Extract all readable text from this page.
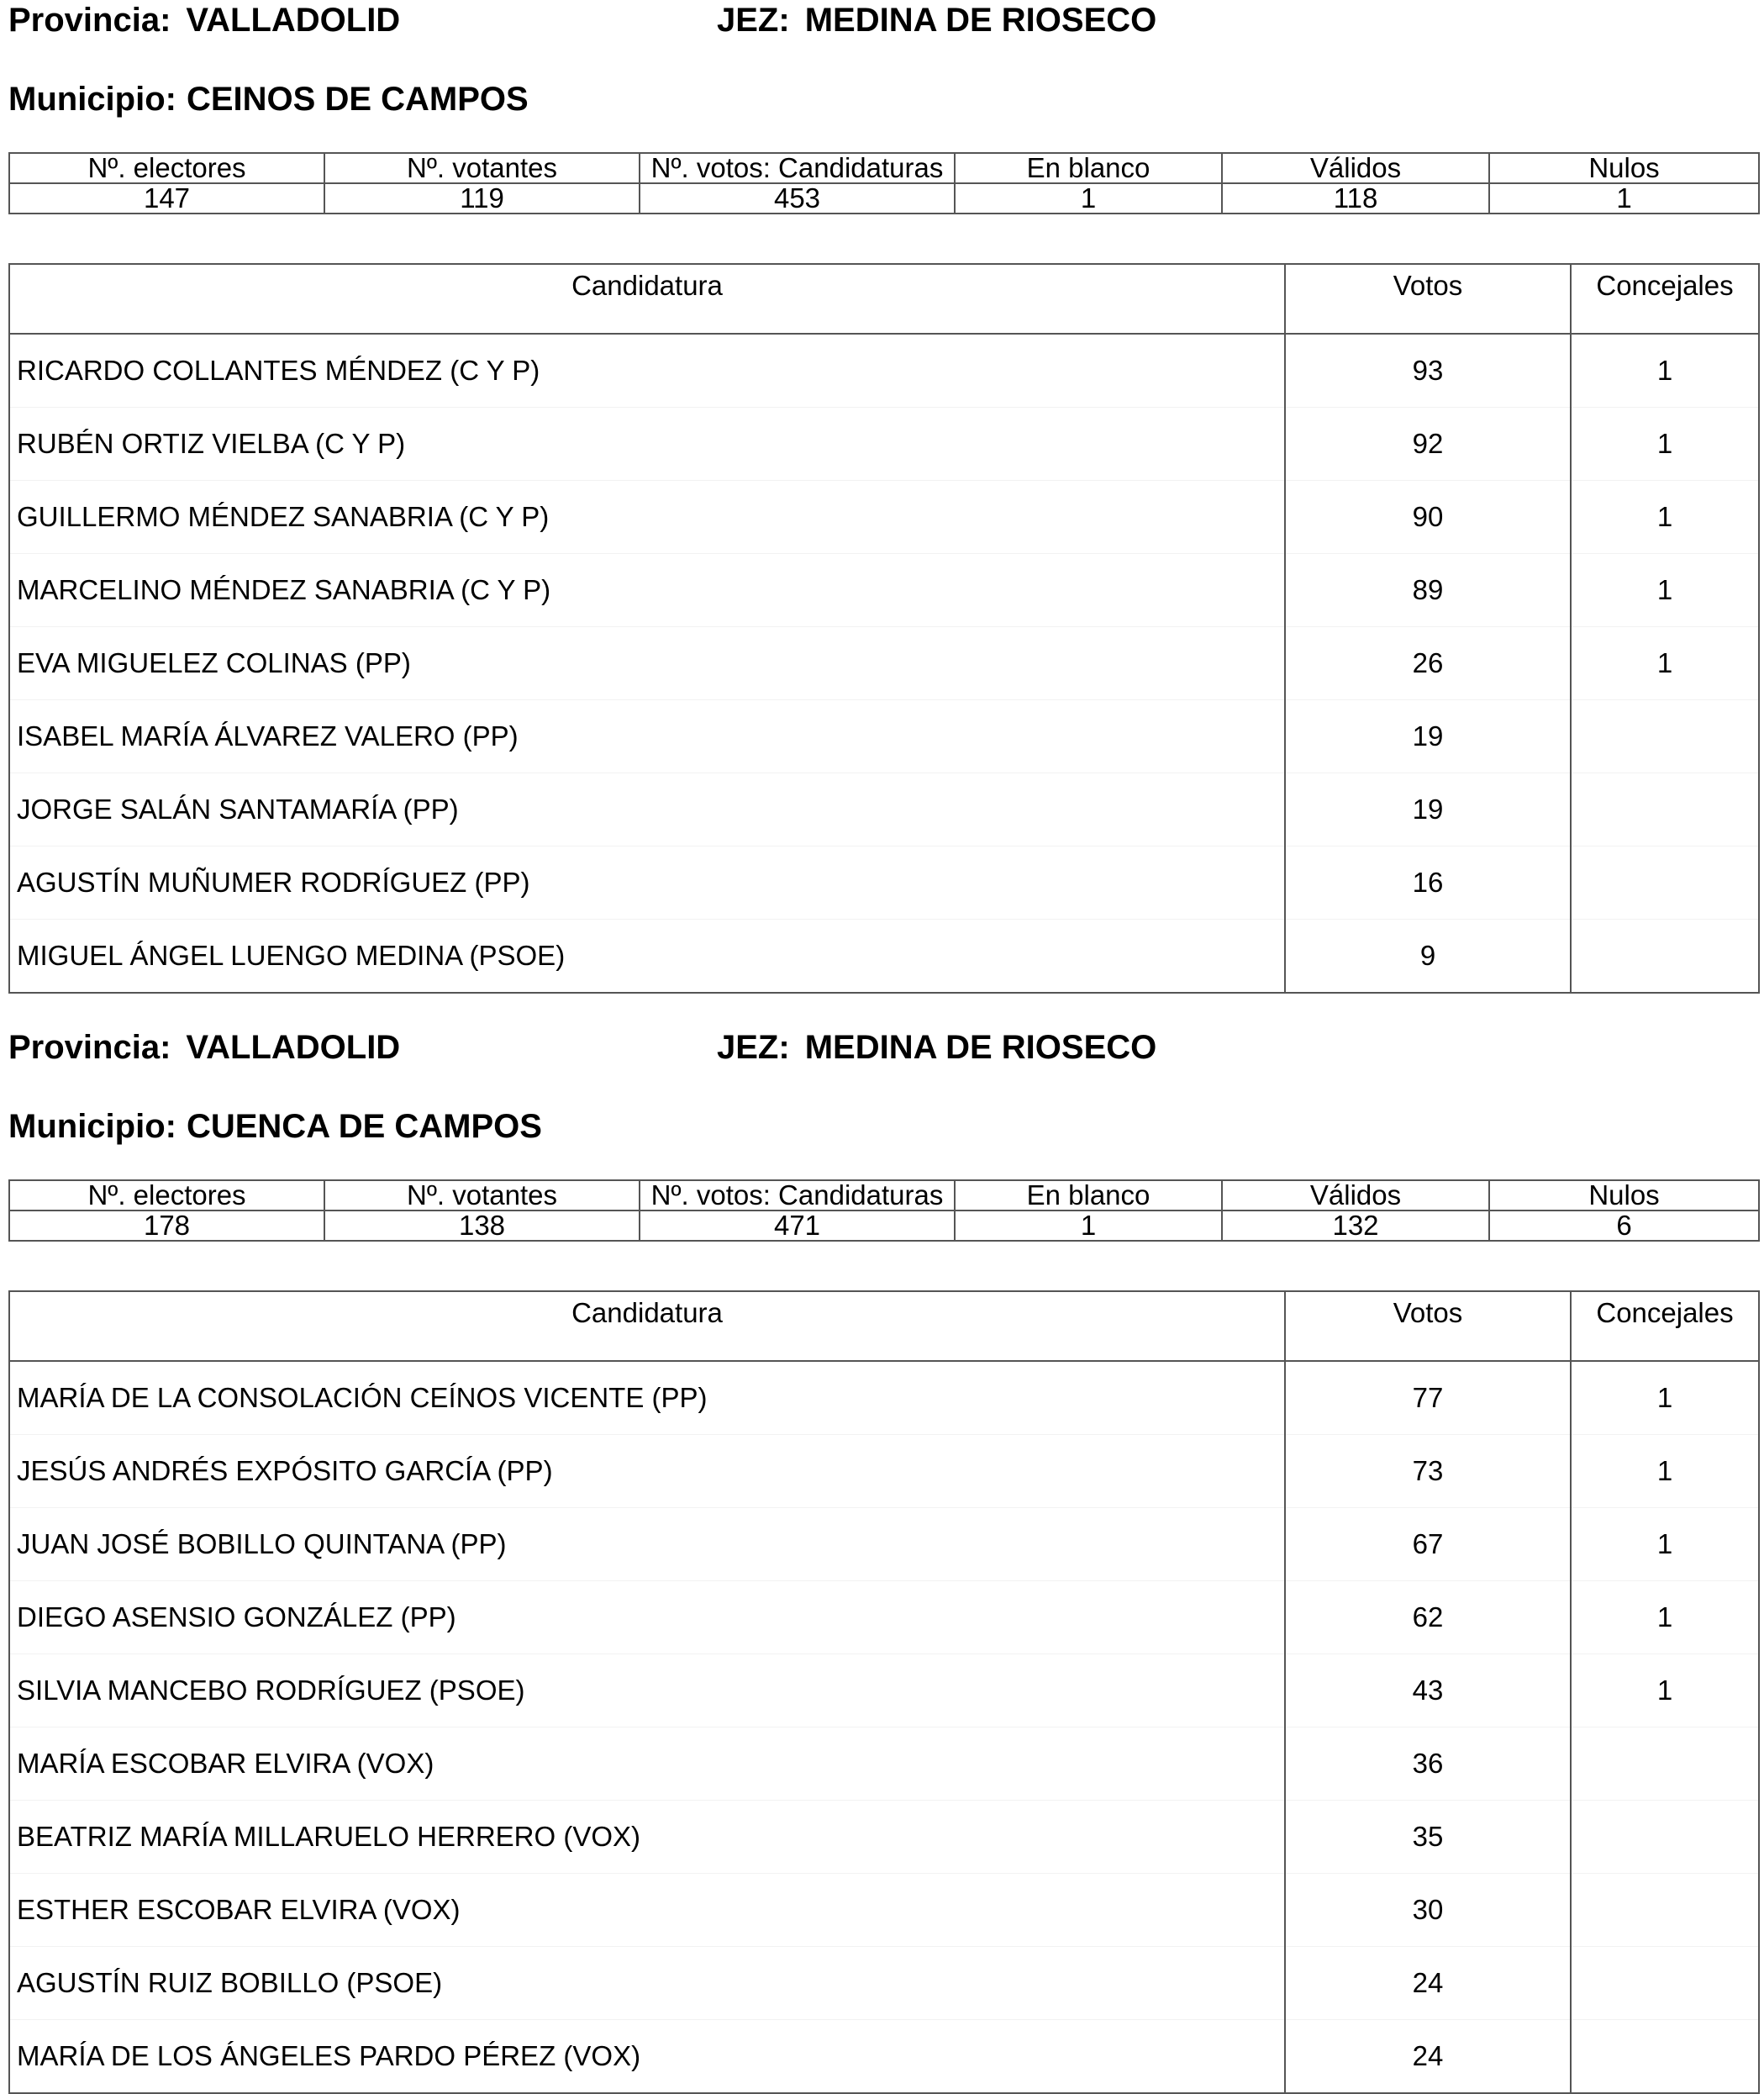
Provincia: VALLADOLID	JEZ: MEDINA DE RIOSECO
Municipio: CEINOS DE CAMPOS
Nº. electores	Nº. votantes	Nº. votos: Candidaturas	En blanco	Válidos	Nulos
147	119	453	1	118	1
Candidatura	Votos	Concejales
RICARDO COLLANTES MÉNDEZ (C Y P)	93	1
RUBÉN ORTIZ VIELBA (C Y P)	92	1
GUILLERMO MÉNDEZ SANABRIA (C Y P)	90	1
MARCELINO MÉNDEZ SANABRIA (C Y P)	89	1
EVA MIGUELEZ COLINAS (PP)	26	1
ISABEL MARÍA ÁLVAREZ VALERO (PP)	19	
JORGE SALÁN SANTAMARÍA (PP)	19	
AGUSTÍN MUÑUMER RODRÍGUEZ (PP)	16	
MIGUEL ÁNGEL LUENGO MEDINA (PSOE)	9	
Provincia: VALLADOLID	JEZ: MEDINA DE RIOSECO
Municipio: CUENCA DE CAMPOS
Nº. electores	Nº. votantes	Nº. votos: Candidaturas	En blanco	Válidos	Nulos
178	138	471	1	132	6
Candidatura	Votos	Concejales
MARÍA DE LA CONSOLACIÓN CEÍNOS VICENTE (PP)	77	1
JESÚS ANDRÉS EXPÓSITO GARCÍA (PP)	73	1
JUAN JOSÉ BOBILLO QUINTANA (PP)	67	1
DIEGO ASENSIO GONZÁLEZ (PP)	62	1
SILVIA MANCEBO RODRÍGUEZ (PSOE)	43	1
MARÍA ESCOBAR ELVIRA (VOX)	36	
BEATRIZ MARÍA MILLARUELO HERRERO (VOX)	35	
ESTHER ESCOBAR ELVIRA (VOX)	30	
AGUSTÍN RUIZ BOBILLO (PSOE)	24	
MARÍA DE LOS ÁNGELES PARDO PÉREZ (VOX)	24	
